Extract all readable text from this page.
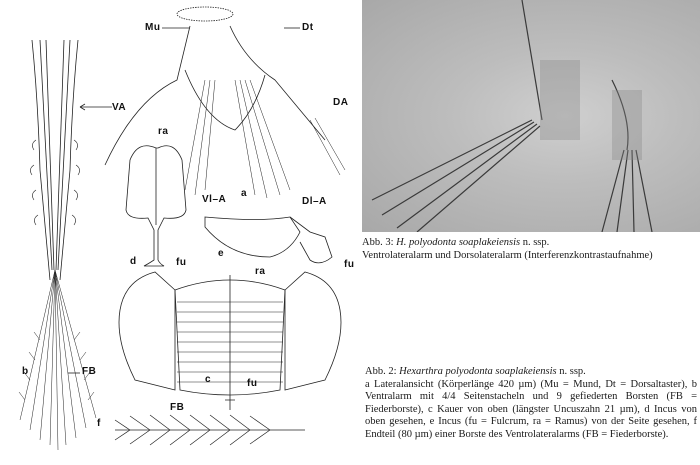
b	FB
Mu	Dt
VA	DA
ra
Vl–A
a
Dl–A
d	fu
e
fu
ra
c	fu
FB
f
Abb. 3: H. polyodonta soaplakeiensis n. ssp.
Ventrolateralarm und Dorsolateralarm (Interferenzkontrastaufnahme)

Abb. 2: Hexarthra polyodonta soaplakeiensis n. ssp.

a Lateralansicht (Körperlänge 420 µm) (Mu = Mund, Dt = Dorsaltaster), b Ventralarm mit 4/4 Seitenstacheln und 9 gefiederten Borsten (FB = Fiederborste), c Kauer von oben (längster Uncuszahn 21 µm), d Incus von oben gesehen, e Incus (fu = Fulcrum, ra = Ramus) von der Seite gesehen, f Endteil (80 µm) einer Borste des Ventrolateralarms (FB = Fiederborste).
